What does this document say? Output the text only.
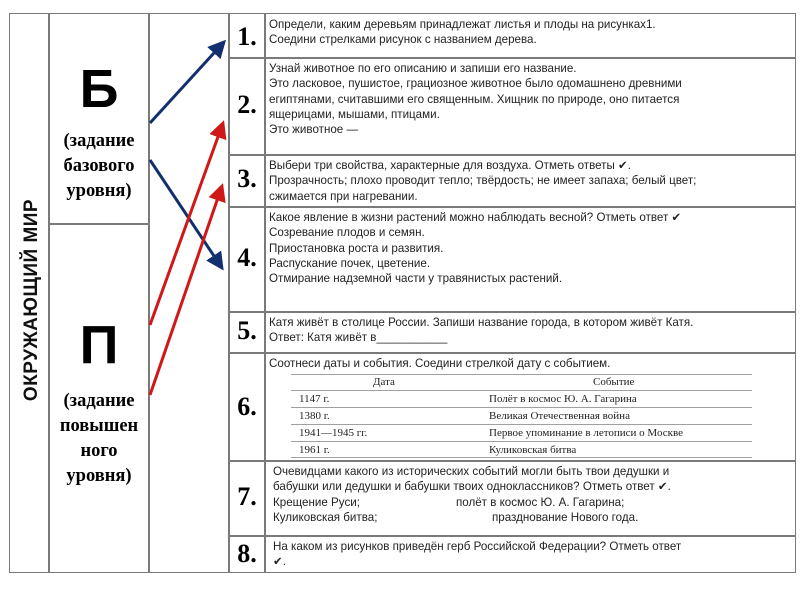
ОКРУЖАЮЩИЙ МИР
Б
(задание
базового
уровня)
П
(задание
повышен
ного
уровня)
1.
2.
3.
4.
5.
6.
7.
8.
Определи, каким деревьям принадлежат листья и плоды на рисунках1.
Соедини стрелками рисунок с названием дерева.
Узнай животное по его описанию и запиши его название.
Это ласковое, пушистое, грациозное животное было одомашнено древними
египтянами, считавшими его священным. Хищник по природе, оно питается
ящерицами, мышами, птицами.
Это животное —
Выбери три свойства, характерные для воздуха. Отметь ответы ✔.
Прозрачность; плохо проводит тепло; твёрдость; не имеет запаха; белый цвет;
сжимается при нагревании.
Какое явление в жизни растений можно наблюдать весной? Отметь ответ ✔
Созревание плодов и семян.
Приостановка роста и развития.
Распускание почек, цветение.
Отмирание надземной части у травянистых растений.
Катя живёт в столице России. Запиши название города, в котором живёт Катя.
Ответ: Катя живёт в___________
Соотнеси даты и события. Соедини стрелкой дату с событием.
Дата	Событие
1147 г.	Полёт в космос Ю. А. Гагарина
1380 г.	Великая Отечественная война
1941—1945 гг.	Первое упоминание в летописи о Москве
1961 г.	Куликовская битва
Очевидцами какого из исторических событий могли быть твои дедушки и
бабушки или дедушки и бабушки твоих одноклассников? Отметь ответ ✔.
Крещение Руси;	полёт в космос Ю. А. Гагарина;
Куликовская битва;	празднование Нового года.
На каком из рисунков приведён герб Российской Федерации? Отметь ответ
✔.
